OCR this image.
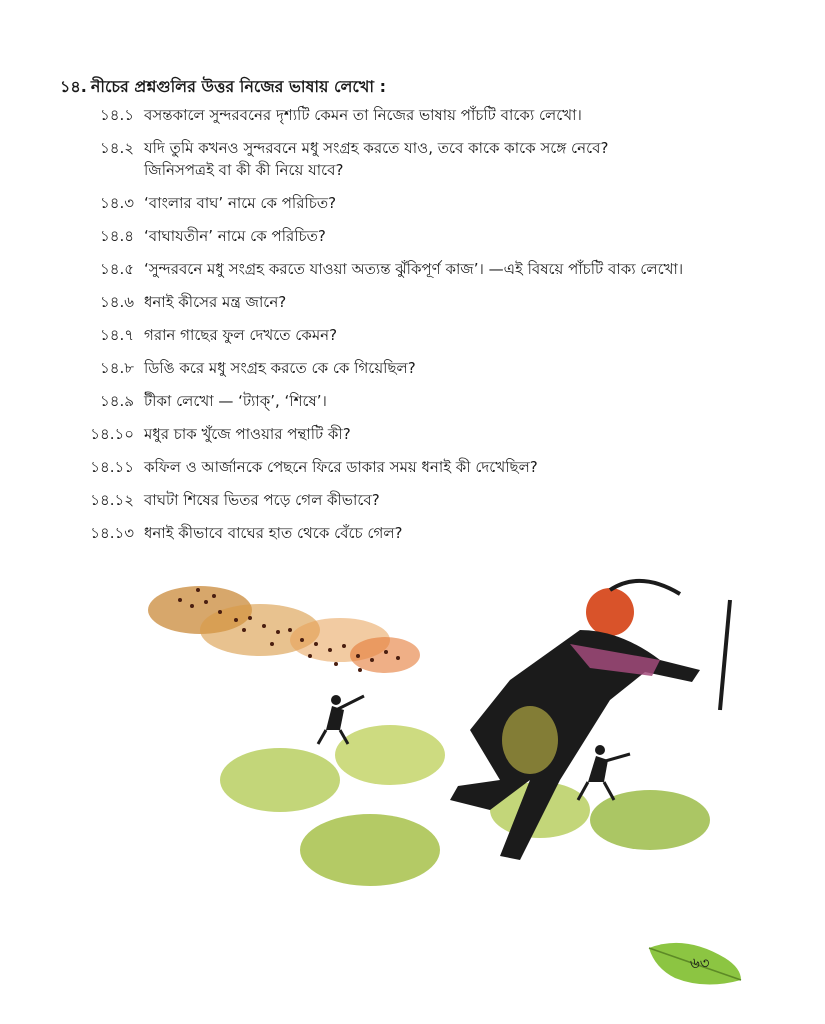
১৪. নীচের প্রশ্নগুলির উত্তর নিজের ভাষায় লেখো :
১৪.১ বসন্তকালে সুন্দরবনের দৃশ্যটি কেমন তা নিজের ভাষায় পাঁচটি বাক্যে লেখো।
১৪.২ যদি তুমি কখনও সুন্দরবনে মধু সংগ্রহ করতে যাও, তবে কাকে কাকে সঙ্গে নেবে?
জিনিসপত্রই বা কী কী নিয়ে যাবে?
১৪.৩ ‘বাংলার বাঘ’ নামে কে পরিচিত?
১৪.৪ ‘বাঘাযতীন’ নামে কে পরিচিত?
১৪.৫ ‘সুন্দরবনে মধু সংগ্রহ করতে যাওয়া অত্যন্ত ঝুঁকিপূর্ণ কাজ’। —এই বিষয়ে পাঁচটি বাক্য লেখো।
১৪.৬ ধনাই কীসের মন্ত্র জানে?
১৪.৭ গরান গাছের ফুল দেখতে কেমন?
১৪.৮ ডিঙি করে মধু সংগ্রহ করতে কে কে গিয়েছিল?
১৪.৯ টীকা লেখো — ‘ট্যাক্’, ‘শিষে’।
১৪.১০ মধুর চাক খুঁজে পাওয়ার পন্থাটি কী?
১৪.১১ কফিল ও আর্জানকে পেছনে ফিরে ডাকার সময় ধনাই কী দেখেছিল?
১৪.১২ বাঘটা শিষের ভিতর পড়ে গেল কীভাবে?
১৪.১৩ ধনাই কীভাবে বাঘের হাত থেকে বেঁচে গেল?
৬৩
